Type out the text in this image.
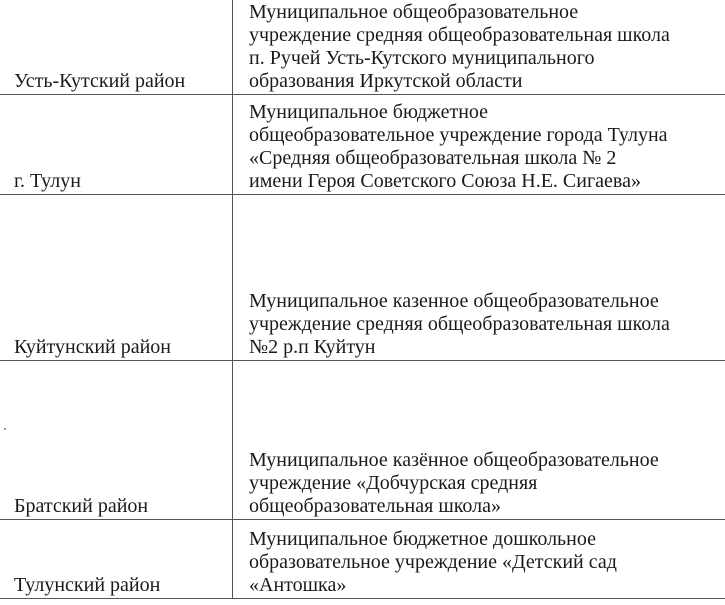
Усть-Кутский район
Муниципальное общеобразовательное
учреждение средняя общеобразовательная школа
п. Ручей Усть-Кутского муниципального
образования Иркутской области
г. Тулун
Муниципальное бюджетное
общеобразовательное учреждение города Тулуна
«Средняя общеобразовательная школа № 2
имени Героя Советского Союза Н.Е. Сигаева»
Куйтунский район
Муниципальное казенное общеобразовательное
учреждение средняя общеобразовательная школа
№2 р.п Куйтун
Братский район
Муниципальное казённое общеобразовательное
учреждение «Добчурская средняя
общеобразовательная школа»
Тулунский район
Муниципальное бюджетное дошкольное
образовательное учреждение «Детский сад
«Антошка»
